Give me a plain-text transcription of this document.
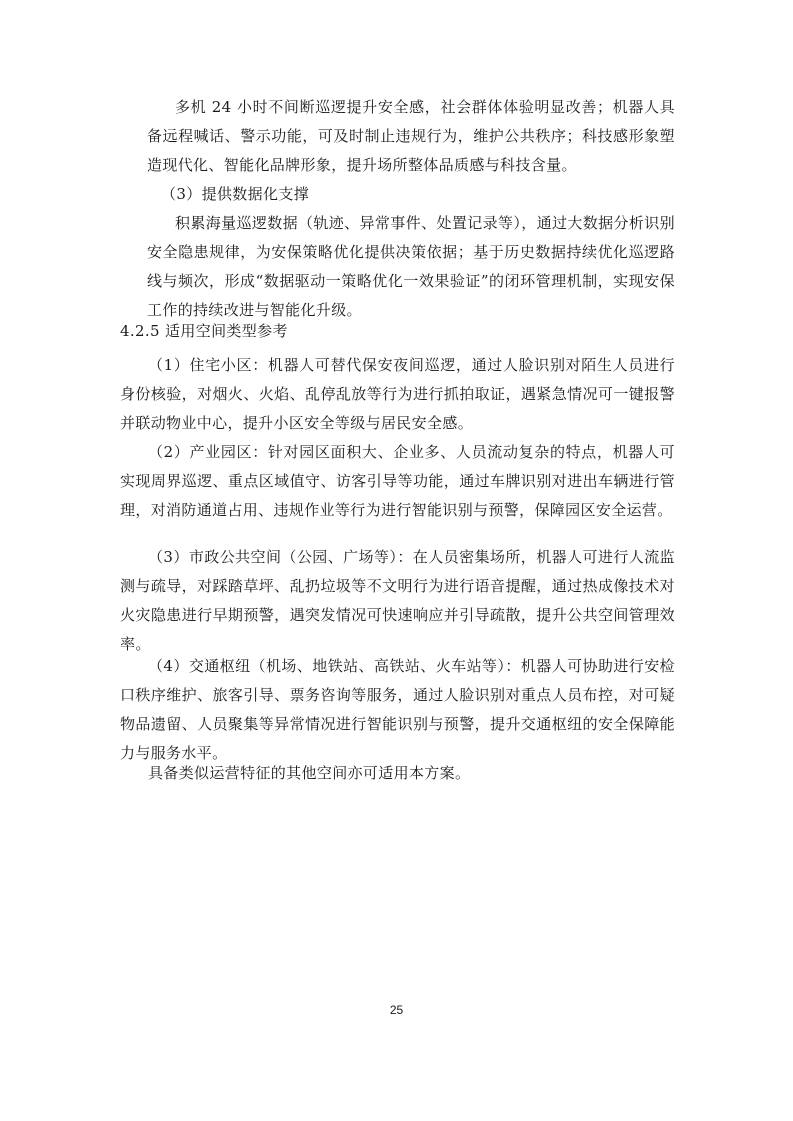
多机 24 小时不间断巡逻提升安全感，社会群体体验明显改善；机器人具备远程喊话、警示功能，可及时制止违规行为，维护公共秩序；科技感形象塑造现代化、智能化品牌形象，提升场所整体品质感与科技含量。

（3）提供数据化支撑

积累海量巡逻数据（轨迹、异常事件、处置记录等），通过大数据分析识别安全隐患规律，为安保策略优化提供决策依据；基于历史数据持续优化巡逻路线与频次，形成“数据驱动一策略优化一效果验证”的闭环管理机制，实现安保工作的持续改进与智能化升级。

4.2.5 适用空间类型参考

（1）住宅小区：机器人可替代保安夜间巡逻，通过人脸识别对陌生人员进行身份核验，对烟火、火焰、乱停乱放等行为进行抓拍取证，遇紧急情况可一键报警并联动物业中心，提升小区安全等级与居民安全感。

（2）产业园区：针对园区面积大、企业多、人员流动复杂的特点，机器人可实现周界巡逻、重点区域值守、访客引导等功能，通过车牌识别对进出车辆进行管理，对消防通道占用、违规作业等行为进行智能识别与预警，保障园区安全运营。

（3）市政公共空间（公园、广场等）：在人员密集场所，机器人可进行人流监测与疏导，对踩踏草坪、乱扔垃圾等不文明行为进行语音提醒，通过热成像技术对火灾隐患进行早期预警，遇突发情况可快速响应并引导疏散，提升公共空间管理效率。

（4）交通枢纽（机场、地铁站、高铁站、火车站等）：机器人可协助进行安检口秩序维护、旅客引导、票务咨询等服务，通过人脸识别对重点人员布控，对可疑物品遗留、人员聚集等异常情况进行智能识别与预警，提升交通枢纽的安全保障能力与服务水平。

具备类似运营特征的其他空间亦可适用本方案。

25
